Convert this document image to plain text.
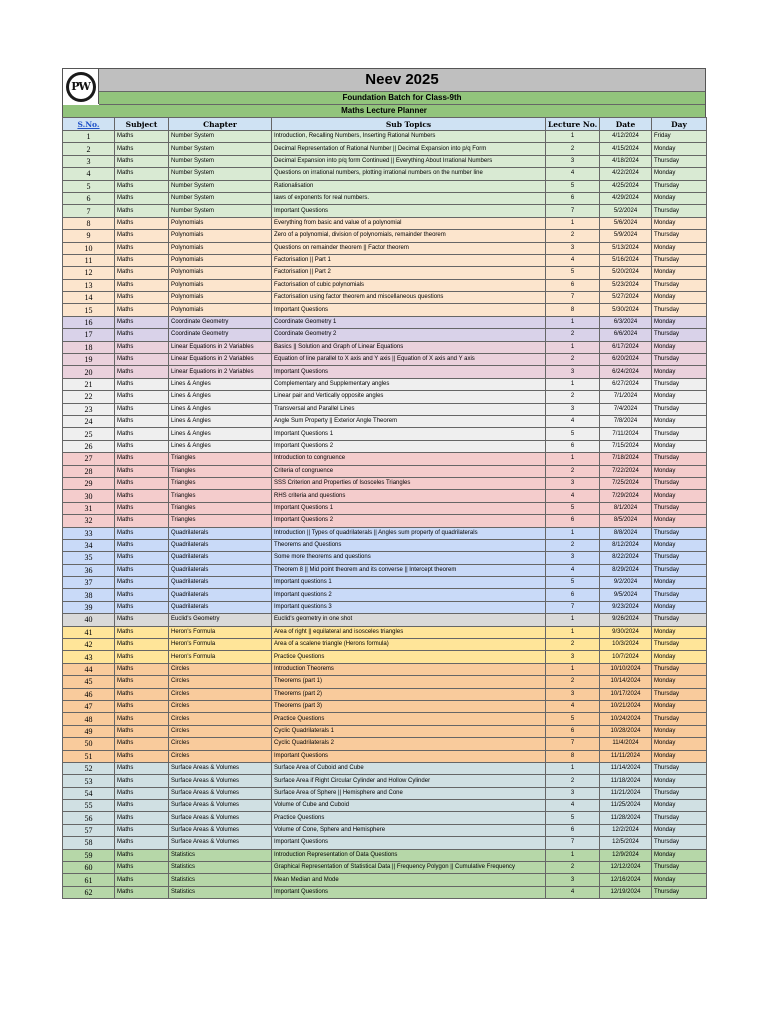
PW	Neev 2025
Foundation Batch for Class-9th
Maths Lecture Planner
S.No.	Subject	Chapter	Sub Topics	Lecture No.	Date	Day
1	Maths	Number System	Introduction, Recalling Numbers, Inserting Rational Numbers	1	4/12/2024	Friday
2	Maths	Number System	Decimal Representation of Rational Number || Decimal Expansion into p/q Form	2	4/15/2024	Monday
3	Maths	Number System	Decimal Expansion into p/q form Continued || Everything About Irrational Numbers	3	4/18/2024	Thursday
4	Maths	Number System	Questions on irrational numbers, plotting irrational numbers on the number line	4	4/22/2024	Monday
5	Maths	Number System	Rationalisation	5	4/25/2024	Thursday
6	Maths	Number System	laws of exponents for real numbers.	6	4/29/2024	Monday
7	Maths	Number System	Important Questions	7	5/2/2024	Thursday
8	Maths	Polynomials	Everything from basic and value of a polynomial	1	5/6/2024	Monday
9	Maths	Polynomials	Zero of a polynomial, division of polynomials, remainder theorem	2	5/9/2024	Thursday
10	Maths	Polynomials	Questions on remainder theorem || Factor theorem	3	5/13/2024	Monday
11	Maths	Polynomials	Factorisation || Part 1	4	5/16/2024	Thursday
12	Maths	Polynomials	Factorisation || Part 2	5	5/20/2024	Monday
13	Maths	Polynomials	Factorisation of cubic polynomials	6	5/23/2024	Thursday
14	Maths	Polynomials	Factorisation using factor theorem and miscellaneous questions	7	5/27/2024	Monday
15	Maths	Polynomials	Important Questions	8	5/30/2024	Thursday
16	Maths	Coordinate Geometry	Coordinate Geometry 1	1	6/3/2024	Monday
17	Maths	Coordinate Geometry	Coordinate Geometry 2	2	6/6/2024	Thursday
18	Maths	Linear Equations in 2 Variables	Basics || Solution and Graph of Linear Equations	1	6/17/2024	Monday
19	Maths	Linear Equations in 2 Variables	Equation of line parallel to X axis and Y axis || Equation of X axis and Y axis	2	6/20/2024	Thursday
20	Maths	Linear Equations in 2 Variables	Important Questions	3	6/24/2024	Monday
21	Maths	Lines & Angles	Complementary and Supplementary angles	1	6/27/2024	Thursday
22	Maths	Lines & Angles	Linear pair and Vertically opposite angles	2	7/1/2024	Monday
23	Maths	Lines & Angles	Transversal and Parallel Lines	3	7/4/2024	Thursday
24	Maths	Lines & Angles	Angle Sum Property || Exterior Angle Theorem	4	7/8/2024	Monday
25	Maths	Lines & Angles	Important Questions 1	5	7/11/2024	Thursday
26	Maths	Lines & Angles	Important Questions 2	6	7/15/2024	Monday
27	Maths	Triangles	Introduction to congruence	1	7/18/2024	Thursday
28	Maths	Triangles	Criteria of congruence	2	7/22/2024	Monday
29	Maths	Triangles	SSS Criterion and Properties of Isosceles Triangles	3	7/25/2024	Thursday
30	Maths	Triangles	RHS criteria and questions	4	7/29/2024	Monday
31	Maths	Triangles	Important Questions 1	5	8/1/2024	Thursday
32	Maths	Triangles	Important Questions 2	6	8/5/2024	Monday
33	Maths	Quadrilaterals	Introduction || Types of quadrilaterals || Angles sum property of quadrilaterals	1	8/8/2024	Thursday
34	Maths	Quadrilaterals	Theorems and Questions	2	8/12/2024	Monday
35	Maths	Quadrilaterals	Some more theorems and questions	3	8/22/2024	Thursday
36	Maths	Quadrilaterals	Theorem 8 || Mid point theorem and its converse || Intercept theorem	4	8/29/2024	Thursday
37	Maths	Quadrilaterals	Important questions 1	5	9/2/2024	Monday
38	Maths	Quadrilaterals	Important questions 2	6	9/5/2024	Thursday
39	Maths	Quadrilaterals	Important questions 3	7	9/23/2024	Monday
40	Maths	Euclid's Geometry	Euclid's geometry in one shot	1	9/26/2024	Thursday
41	Maths	Heron's Formula	Area of right || equilateral and isosceles triangles	1	9/30/2024	Monday
42	Maths	Heron's Formula	Area of a scalene triangle (Herons formula)	2	10/3/2024	Thursday
43	Maths	Heron's Formula	Practice Questions	3	10/7/2024	Monday
44	Maths	Circles	Introduction Theorems	1	10/10/2024	Thursday
45	Maths	Circles	Theorems (part 1)	2	10/14/2024	Monday
46	Maths	Circles	Theorems (part 2)	3	10/17/2024	Thursday
47	Maths	Circles	Theorems (part 3)	4	10/21/2024	Monday
48	Maths	Circles	Practice Questions	5	10/24/2024	Thursday
49	Maths	Circles	Cyclic Quadrilaterals 1	6	10/28/2024	Monday
50	Maths	Circles	Cyclic Quadrilaterals 2	7	11/4/2024	Monday
51	Maths	Circles	Important Questions	8	11/11/2024	Monday
52	Maths	Surface Areas & Volumes	Surface Area of Cuboid and Cube	1	11/14/2024	Thursday
53	Maths	Surface Areas & Volumes	Surface Area if Right Circular Cylinder and Hollow Cylinder	2	11/18/2024	Monday
54	Maths	Surface Areas & Volumes	Surface Area of Sphere || Hemisphere and Cone	3	11/21/2024	Thursday
55	Maths	Surface Areas & Volumes	Volume of Cube and Cuboid	4	11/25/2024	Monday
56	Maths	Surface Areas & Volumes	Practice Questions	5	11/28/2024	Thursday
57	Maths	Surface Areas & Volumes	Volume of Cone, Sphere and Hemisphere	6	12/2/2024	Monday
58	Maths	Surface Areas & Volumes	Important Questions	7	12/5/2024	Thursday
59	Maths	Statistics	Introduction Representation of Data Questions	1	12/9/2024	Monday
60	Maths	Statistics	Graphical Representation of Statistical Data || Frequency Polygon || Cumulative Frequency	2	12/12/2024	Thursday
61	Maths	Statistics	Mean Median and Mode	3	12/16/2024	Monday
62	Maths	Statistics	Important Questions	4	12/19/2024	Thursday
